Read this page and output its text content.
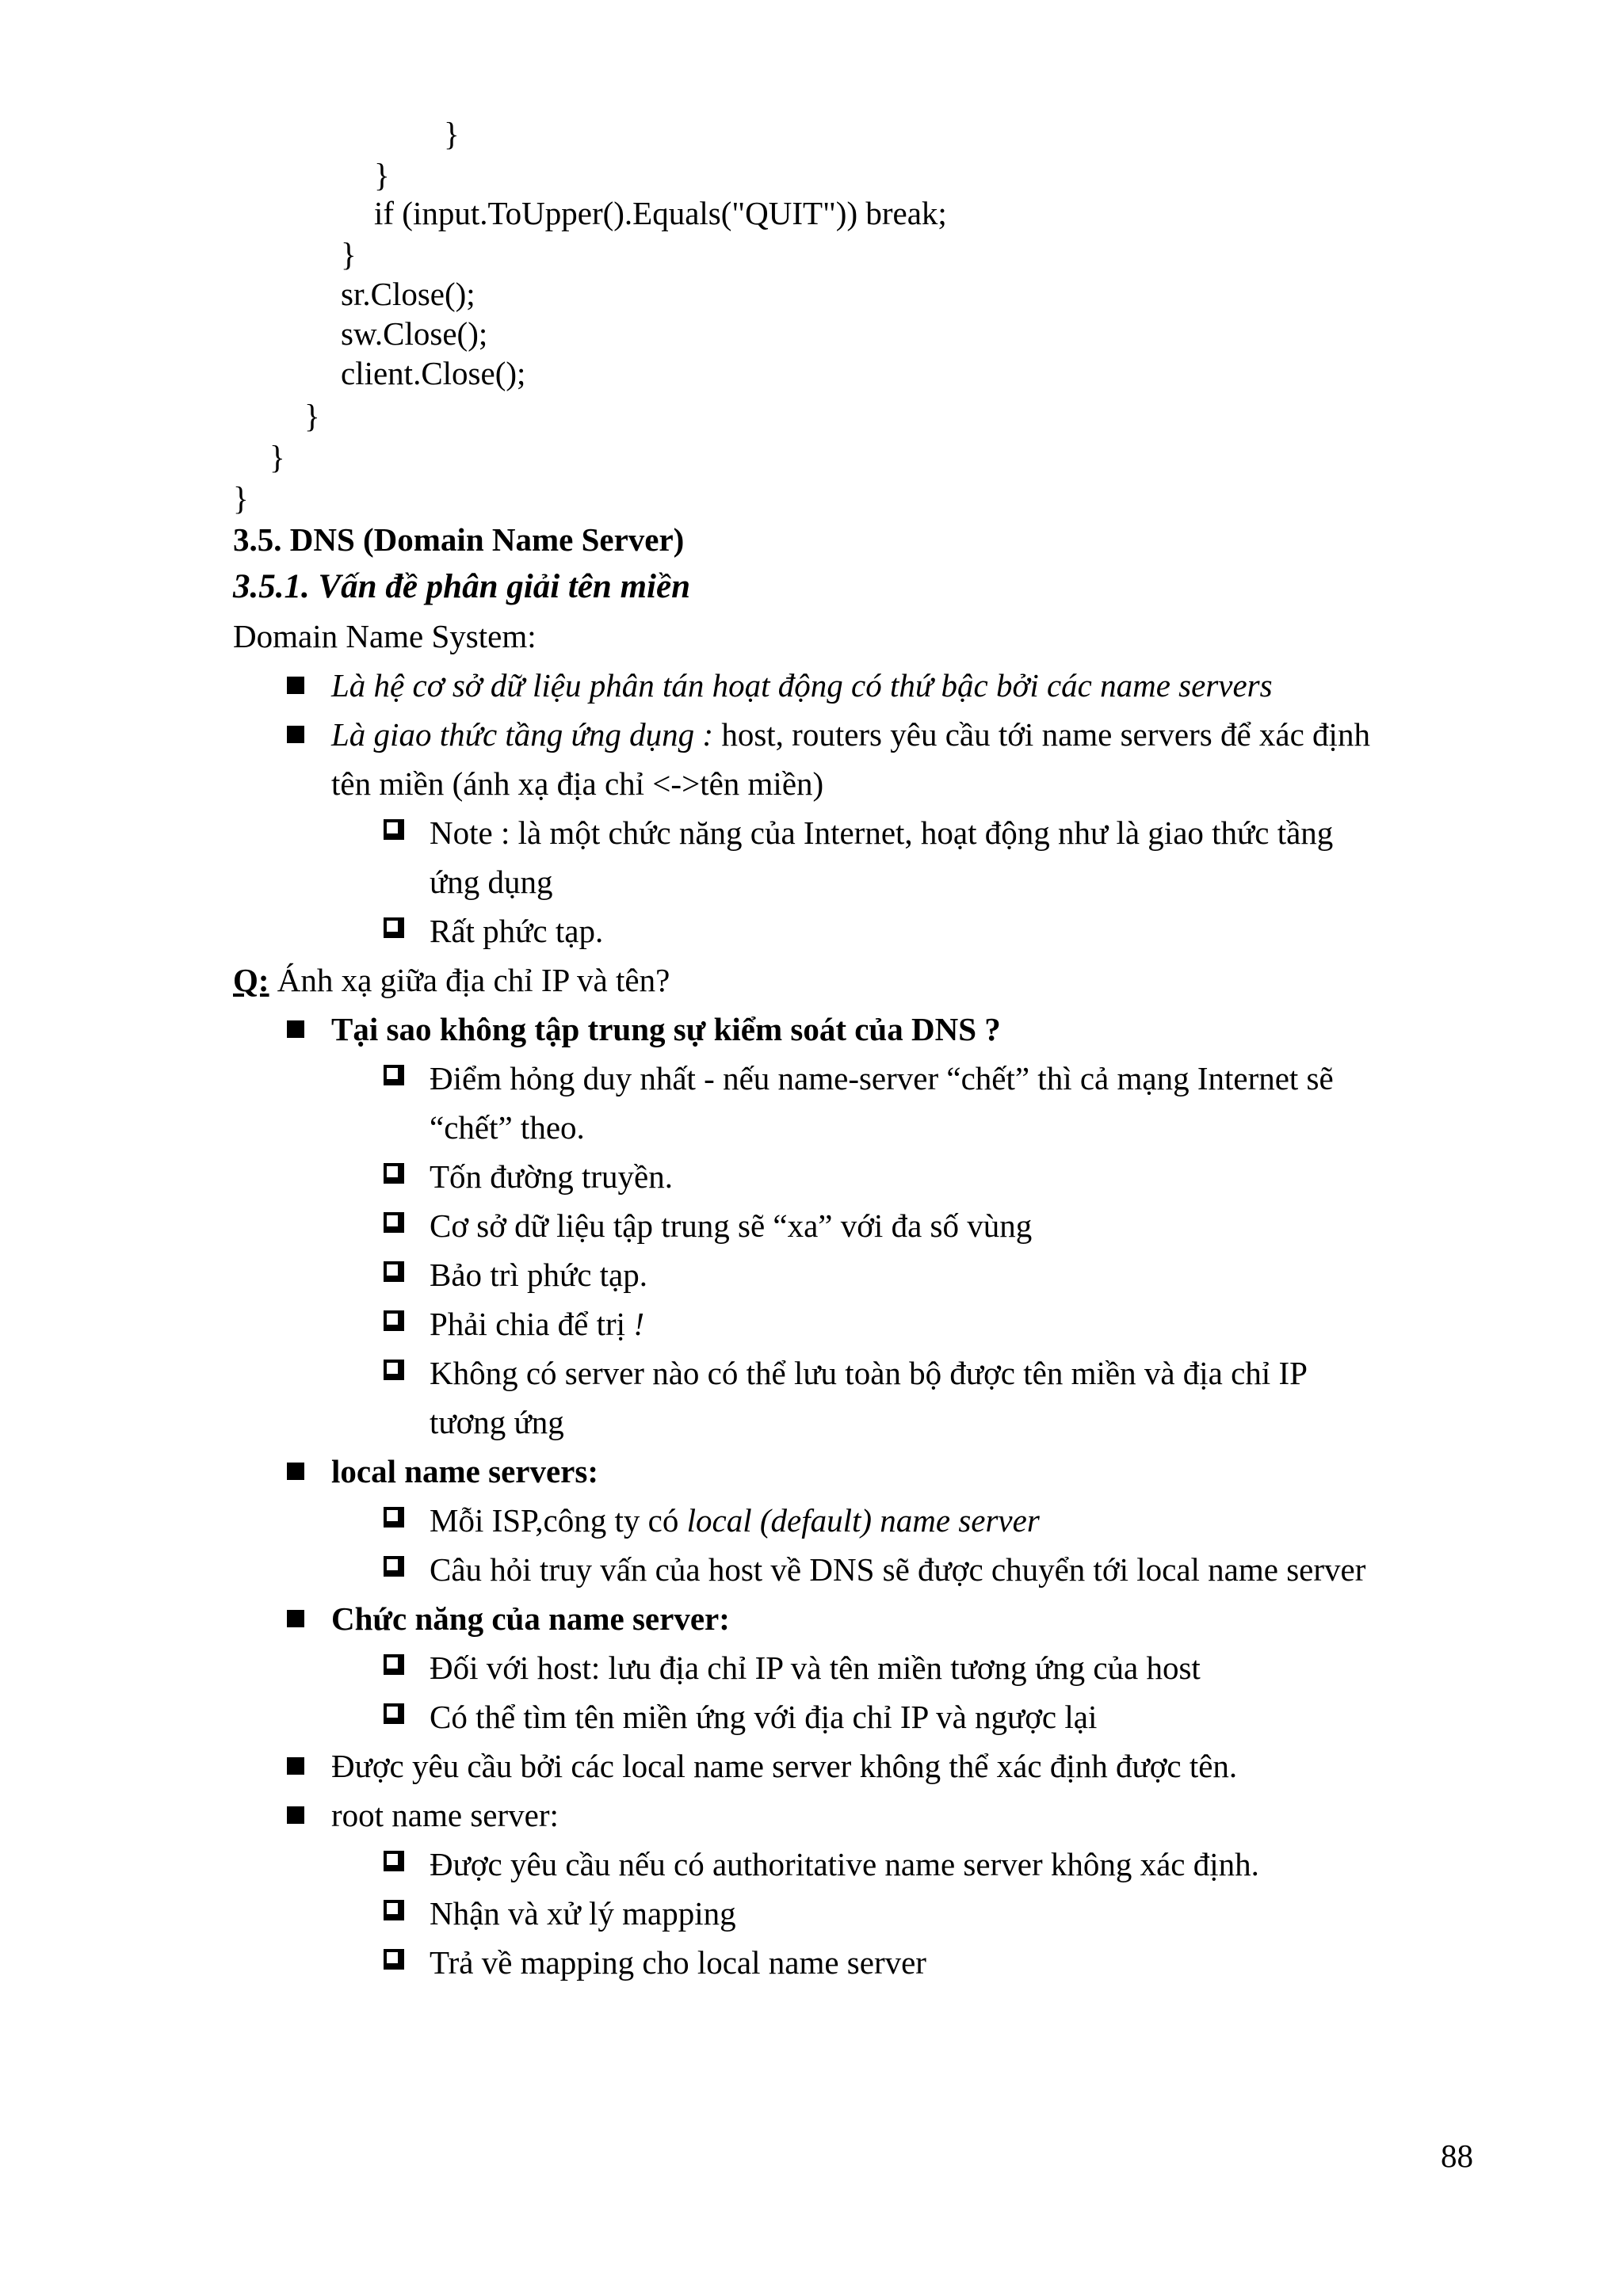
}
}
if (input.ToUpper().Equals("QUIT")) break;
}
sr.Close();
sw.Close();
client.Close();
}
}
}
3.5. DNS (Domain Name Server)
3.5.1. Vấn đề phân giải tên miền
Domain Name System:
Là hệ cơ sở dữ liệu phân tán hoạt động có thứ bậc bởi các name servers
Là giao thức tầng ứng dụng : host, routers yêu cầu tới name servers để xác định
tên miền (ánh xạ địa chỉ <->tên miền)
Note : là một chức năng của Internet, hoạt động như là giao thức tầng
ứng dụng
Rất phức tạp.
Q: Ánh xạ giữa địa chỉ IP và tên?
Tại sao không tập trung sự kiểm soát của DNS ?
Điểm hỏng duy nhất - nếu name-server “chết” thì cả mạng Internet sẽ
“chết” theo.
Tốn đường truyền.
Cơ sở dữ liệu tập trung sẽ “xa” với đa số vùng
Bảo trì phức tạp.
Phải chia để trị !
Không có server nào có thể lưu toàn bộ được tên miền và địa chỉ IP
tương ứng
local name servers:
Mỗi ISP,công ty có local (default) name server
Câu hỏi truy vấn của host về DNS sẽ được chuyển tới local name server
Chức năng của name server:
Đối với host: lưu địa chỉ IP và tên miền tương ứng của host
Có thể tìm tên miền ứng với địa chỉ IP và ngược lại
Được yêu cầu bởi các local name server không thể xác định được tên.
root name server:
Được yêu cầu nếu có authoritative name server không xác định.
Nhận và xử lý mapping
Trả về mapping cho local name server
88
